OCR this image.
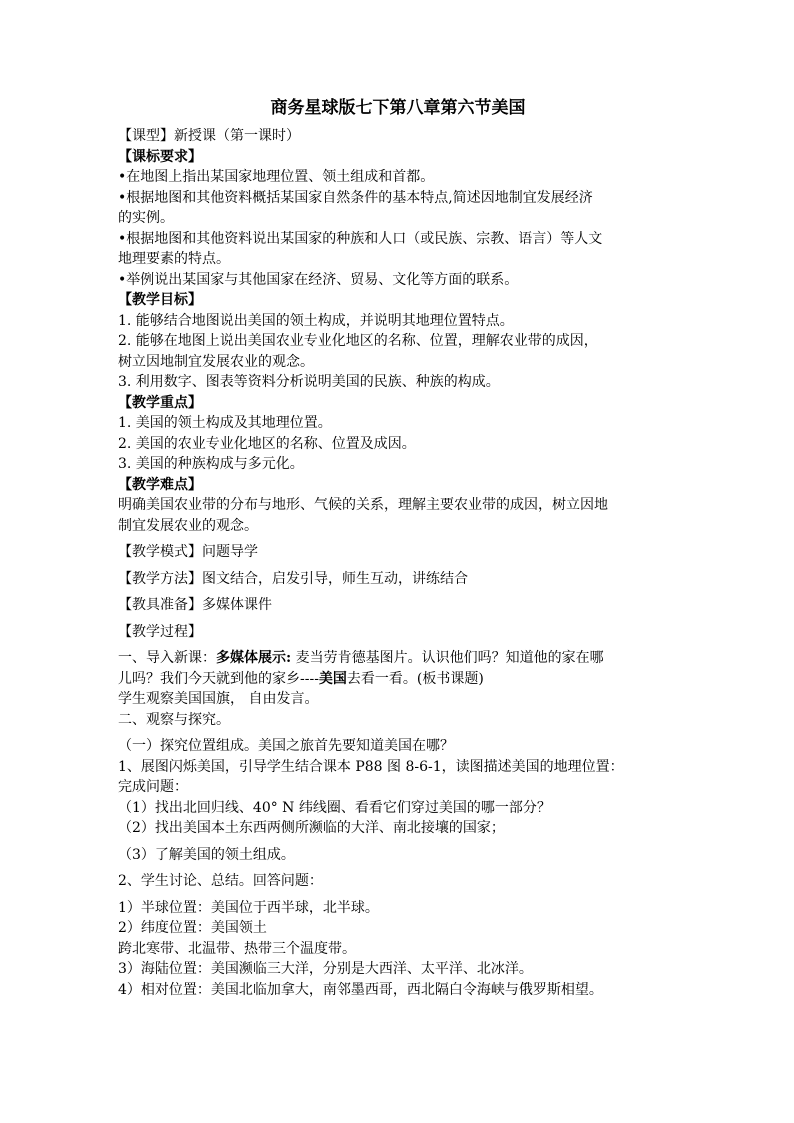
商务星球版七下第八章第六节美国
【课型】新授课（第一课时）
【课标要求】
•在地图上指出某国家地理位置、领土组成和首都。
•根据地图和其他资料概括某国家自然条件的基本特点,简述因地制宜发展经济
的实例。
•根据地图和其他资料说出某国家的种族和人口（或民族、宗教、语言）等人文
地理要素的特点。
•举例说出某国家与其他国家在经济、贸易、文化等方面的联系。
【教学目标】
1. 能够结合地图说出美国的领土构成，并说明其地理位置特点。
2. 能够在地图上说出美国农业专业化地区的名称、位置，理解农业带的成因，
树立因地制宜发展农业的观念。
3. 利用数字、图表等资料分析说明美国的民族、种族的构成。
【教学重点】
1. 美国的领土构成及其地理位置。
2. 美国的农业专业化地区的名称、位置及成因。
3. 美国的种族构成与多元化。
【教学难点】
明确美国农业带的分布与地形、气候的关系，理解主要农业带的成因，树立因地
制宜发展农业的观念。
【教学模式】问题导学
【教学方法】图文结合，启发引导，师生互动，讲练结合
【教具准备】多媒体课件
【教学过程】
一、导入新课：多媒体展示: 麦当劳肯德基图片。认识他们吗？知道他的家在哪
儿吗？我们今天就到他的家乡----美国去看一看。(板书课题)
学生观察美国国旗， 自由发言。
二、观察与探究。
（一）探究位置组成。美国之旅首先要知道美国在哪？
1、展图闪烁美国，引导学生结合课本 P88 图 8-6-1，读图描述美国的地理位置：
完成问题：
（1）找出北回归线、40° N 纬线圈、看看它们穿过美国的哪一部分？
（2）找出美国本土东西两侧所濒临的大洋、南北接壤的国家；
（3）了解美国的领土组成。
2、学生讨论、总结。回答问题：
1）半球位置：美国位于西半球，北半球。
2）纬度位置：美国领土
跨北寒带、北温带、热带三个温度带。
3）海陆位置：美国濒临三大洋，分别是大西洋、太平洋、北冰洋。
4）相对位置：美国北临加拿大，南邻墨西哥，西北隔白令海峡与俄罗斯相望。
